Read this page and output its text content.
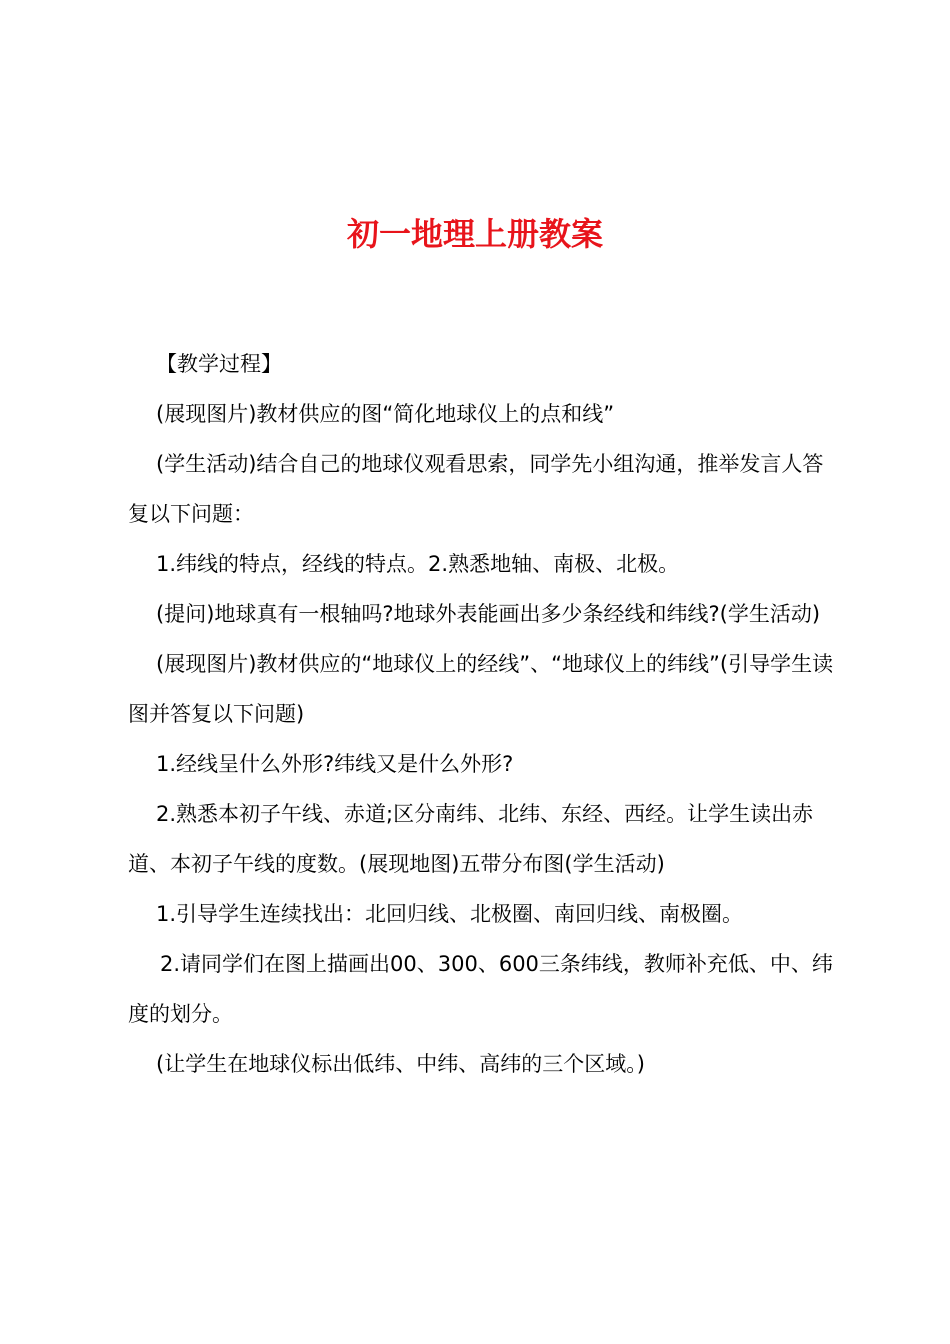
初一地理上册教案

【教学过程】

(展现图片)教材供应的图“简化地球仪上的点和线”

(学生活动)结合自己的地球仪观看思索，同学先小组沟通，推举发言人答复以下问题：

1.纬线的特点，经线的特点。2.熟悉地轴、南极、北极。

(提问)地球真有一根轴吗?地球外表能画出多少条经线和纬线?(学生活动)

(展现图片)教材供应的“地球仪上的经线”、“地球仪上的纬线”(引导学生读图并答复以下问题)

1.经线呈什么外形?纬线又是什么外形?

2.熟悉本初子午线、赤道;区分南纬、北纬、东经、西经。让学生读出赤道、本初子午线的度数。(展现地图)五带分布图(学生活动)

1.引导学生连续找出：北回归线、北极圈、南回归线、南极圈。

2.请同学们在图上描画出00、300、600三条纬线，教师补充低、中、纬度的划分。

(让学生在地球仪标出低纬、中纬、高纬的三个区域。)
